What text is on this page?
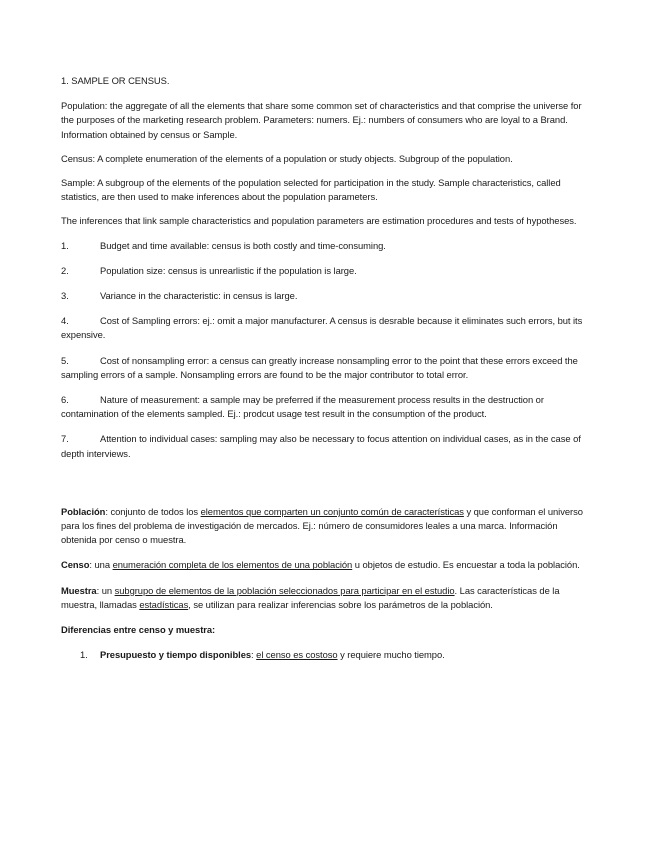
1. SAMPLE OR CENSUS.

Population: the aggregate of all the elements that share some common set of characteristics and that comprise the universe for the purposes of the marketing research problem. Parameters: numers. Ej.: numbers of consumers who are loyal to a Brand. Information obtained by census or Sample.

Census: A complete enumeration of the elements of a population or study objects. Subgroup of the population.

Sample: A subgroup of the elements of the population selected for participation in the study. Sample characteristics, called statistics, are then used to make inferences about the population parameters.

The inferences that link sample characteristics and population parameters are estimation procedures and tests of hypotheses.

1.	Budget and time available: census is both costly and time-consuming.

2.	Population size: census is unrearlistic if the population is large.

3.	Variance in the characteristic: in census is large.

4.	Cost of Sampling errors: ej.: omit a major manufacturer. A census is desrable because it eliminates such errors, but its expensive.

5.	Cost of nonsampling error: a census can greatly increase nonsampling error to the point that these errors exceed the sampling errors of a sample. Nonsampling errors are found to be the major contributor to total error.

6.	Nature of measurement: a sample may be preferred if the measurement process results in the destruction or contamination of the elements sampled. Ej.: prodcut usage test result in the consumption of the product.

7.	Attention to individual cases: sampling may also be necessary to focus attention on individual cases, as in the case of depth interviews.

Población: conjunto de todos los elementos que comparten un conjunto común de características y que conforman el universo para los fines del problema de investigación de mercados. Ej.: número de consumidores leales a una marca. Información obtenida por censo o muestra.

Censo: una enumeración completa de los elementos de una población u objetos de estudio. Es encuestar a toda la población.

Muestra: un subgrupo de elementos de la población seleccionados para participar en el estudio. Las características de la muestra, llamadas estadísticas, se utilizan para realizar inferencias sobre los parámetros de la población.

Diferencias entre censo y muestra:

1. Presupuesto y tiempo disponibles: el censo es costoso y requiere mucho tiempo.
